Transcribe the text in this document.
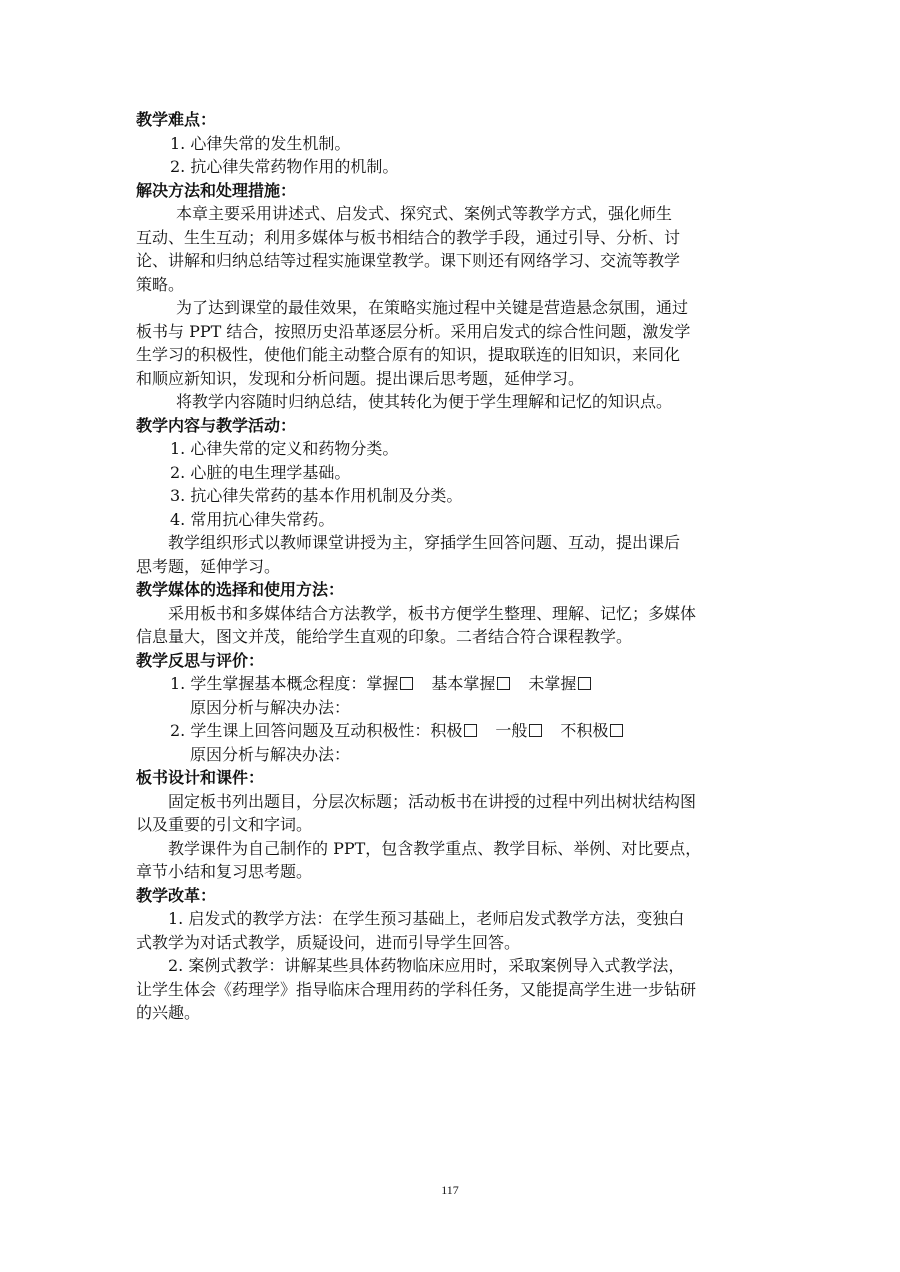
教学难点：

1. 心律失常的发生机制。

2. 抗心律失常药物作用的机制。

解决方法和处理措施：

本章主要采用讲述式、启发式、探究式、案例式等教学方式，强化师生

互动、生生互动；利用多媒体与板书相结合的教学手段，通过引导、分析、讨

论、讲解和归纳总结等过程实施课堂教学。课下则还有网络学习、交流等教学

策略。

为了达到课堂的最佳效果，在策略实施过程中关键是营造悬念氛围，通过

板书与 PPT 结合，按照历史沿革逐层分析。采用启发式的综合性问题，激发学

生学习的积极性，使他们能主动整合原有的知识，提取联连的旧知识，来同化

和顺应新知识，发现和分析问题。提出课后思考题，延伸学习。

将教学内容随时归纳总结，使其转化为便于学生理解和记忆的知识点。

教学内容与教学活动：

1. 心律失常的定义和药物分类。

2. 心脏的电生理学基础。

3. 抗心律失常药的基本作用机制及分类。

4. 常用抗心律失常药。

教学组织形式以教师课堂讲授为主，穿插学生回答问题、互动，提出课后

思考题，延伸学习。

教学媒体的选择和使用方法：

采用板书和多媒体结合方法教学，板书方便学生整理、理解、记忆；多媒体

信息量大，图文并茂，能给学生直观的印象。二者结合符合课程教学。

教学反思与评价：

1. 学生掌握基本概念程度：掌握 基本掌握 未掌握

原因分析与解决办法：

2. 学生课上回答问题及互动积极性：积极 一般 不积极

原因分析与解决办法：

板书设计和课件：

固定板书列出题目，分层次标题；活动板书在讲授的过程中列出树状结构图

以及重要的引文和字词。

教学课件为自己制作的 PPT，包含教学重点、教学目标、举例、对比要点，

章节小结和复习思考题。

教学改革：

1. 启发式的教学方法：在学生预习基础上，老师启发式教学方法，变独白

式教学为对话式教学，质疑设问，进而引导学生回答。

2. 案例式教学：讲解某些具体药物临床应用时，采取案例导入式教学法，

让学生体会《药理学》指导临床合理用药的学科任务，又能提高学生进一步钻研

的兴趣。

117
